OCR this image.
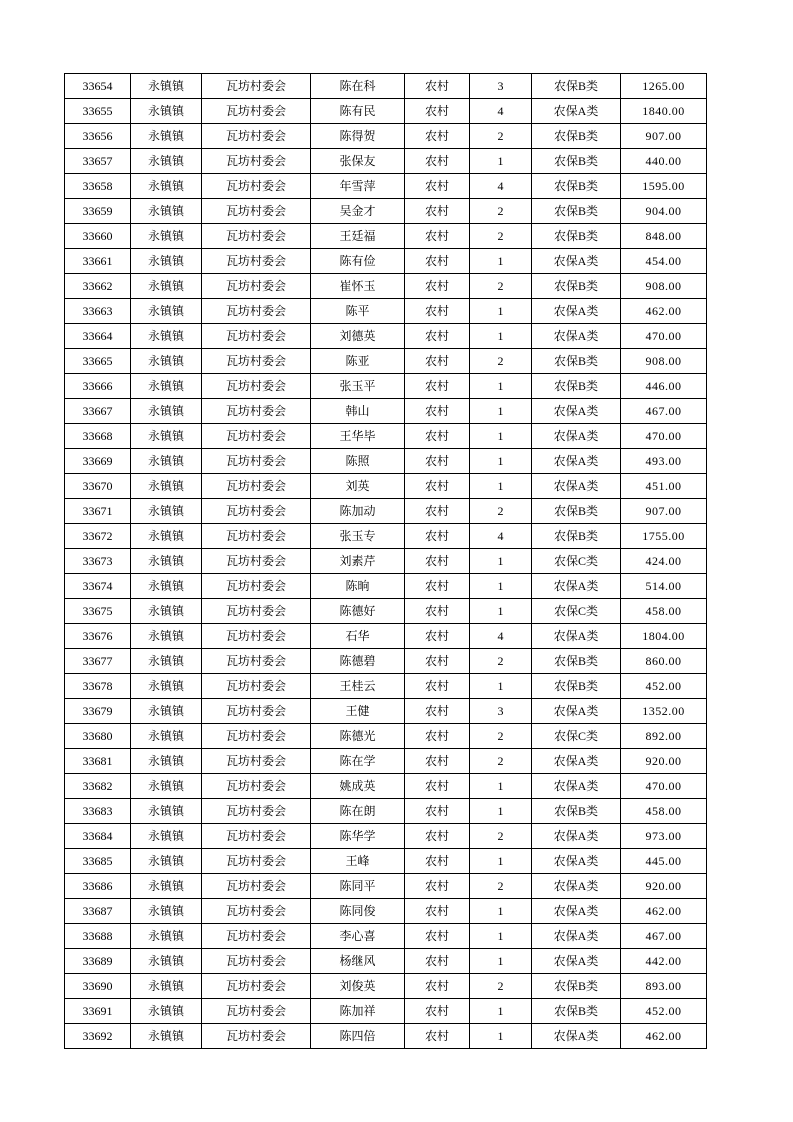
33654	永镇镇	瓦坊村委会	陈在科	农村	3	农保B类	1265.00
33655	永镇镇	瓦坊村委会	陈有民	农村	4	农保A类	1840.00
33656	永镇镇	瓦坊村委会	陈得贺	农村	2	农保B类	907.00
33657	永镇镇	瓦坊村委会	张保友	农村	1	农保B类	440.00
33658	永镇镇	瓦坊村委会	年雪萍	农村	4	农保B类	1595.00
33659	永镇镇	瓦坊村委会	吴金才	农村	2	农保B类	904.00
33660	永镇镇	瓦坊村委会	王廷福	农村	2	农保B类	848.00
33661	永镇镇	瓦坊村委会	陈有俭	农村	1	农保A类	454.00
33662	永镇镇	瓦坊村委会	崔怀玉	农村	2	农保B类	908.00
33663	永镇镇	瓦坊村委会	陈平	农村	1	农保A类	462.00
33664	永镇镇	瓦坊村委会	刘德英	农村	1	农保A类	470.00
33665	永镇镇	瓦坊村委会	陈亚	农村	2	农保B类	908.00
33666	永镇镇	瓦坊村委会	张玉平	农村	1	农保B类	446.00
33667	永镇镇	瓦坊村委会	韩山	农村	1	农保A类	467.00
33668	永镇镇	瓦坊村委会	王华毕	农村	1	农保A类	470.00
33669	永镇镇	瓦坊村委会	陈照	农村	1	农保A类	493.00
33670	永镇镇	瓦坊村委会	刘英	农村	1	农保A类	451.00
33671	永镇镇	瓦坊村委会	陈加动	农村	2	农保B类	907.00
33672	永镇镇	瓦坊村委会	张玉专	农村	4	农保B类	1755.00
33673	永镇镇	瓦坊村委会	刘素芹	农村	1	农保C类	424.00
33674	永镇镇	瓦坊村委会	陈晌	农村	1	农保A类	514.00
33675	永镇镇	瓦坊村委会	陈德好	农村	1	农保C类	458.00
33676	永镇镇	瓦坊村委会	石华	农村	4	农保A类	1804.00
33677	永镇镇	瓦坊村委会	陈德碧	农村	2	农保B类	860.00
33678	永镇镇	瓦坊村委会	王桂云	农村	1	农保B类	452.00
33679	永镇镇	瓦坊村委会	王健	农村	3	农保A类	1352.00
33680	永镇镇	瓦坊村委会	陈德光	农村	2	农保C类	892.00
33681	永镇镇	瓦坊村委会	陈在学	农村	2	农保A类	920.00
33682	永镇镇	瓦坊村委会	姚成英	农村	1	农保A类	470.00
33683	永镇镇	瓦坊村委会	陈在朗	农村	1	农保B类	458.00
33684	永镇镇	瓦坊村委会	陈华学	农村	2	农保A类	973.00
33685	永镇镇	瓦坊村委会	王峰	农村	1	农保A类	445.00
33686	永镇镇	瓦坊村委会	陈同平	农村	2	农保A类	920.00
33687	永镇镇	瓦坊村委会	陈同俊	农村	1	农保A类	462.00
33688	永镇镇	瓦坊村委会	李心喜	农村	1	农保A类	467.00
33689	永镇镇	瓦坊村委会	杨继风	农村	1	农保A类	442.00
33690	永镇镇	瓦坊村委会	刘俊英	农村	2	农保B类	893.00
33691	永镇镇	瓦坊村委会	陈加祥	农村	1	农保B类	452.00
33692	永镇镇	瓦坊村委会	陈四倍	农村	1	农保A类	462.00
